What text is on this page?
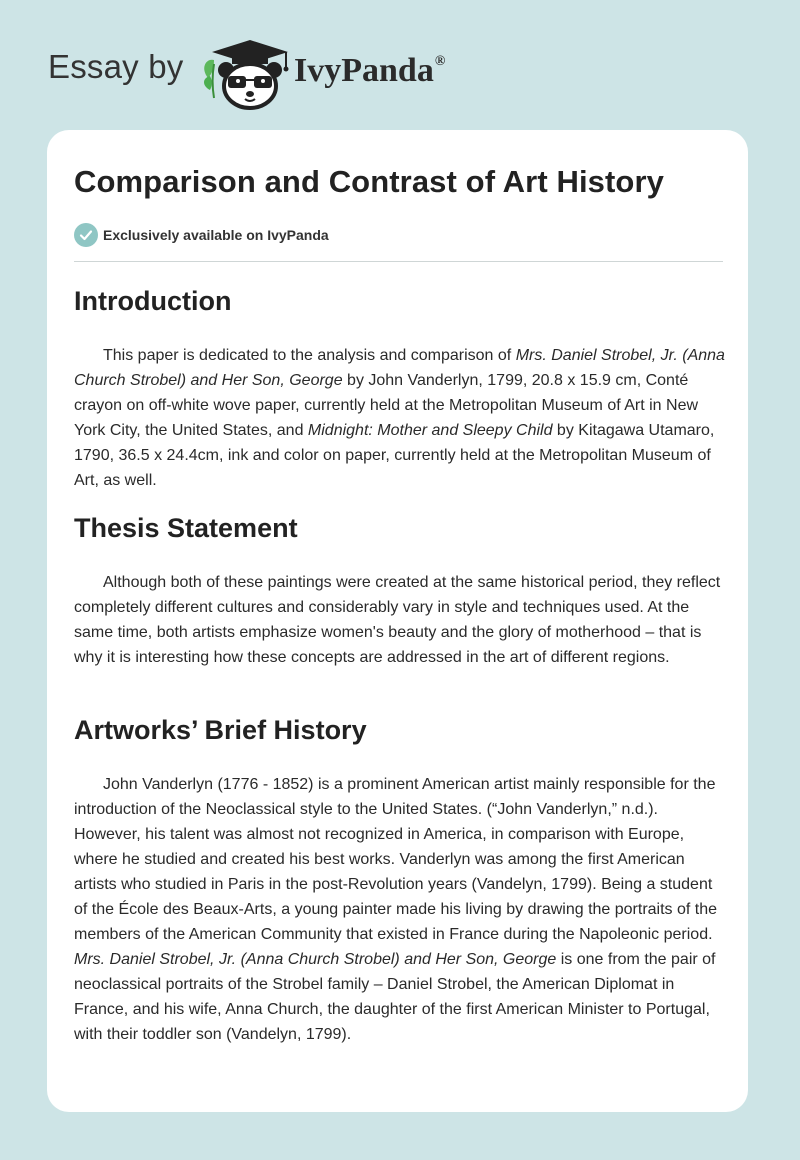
Essay by	IvyPanda®
Comparison and Contrast of Art History
Exclusively available on IvyPanda
Introduction

This paper is dedicated to the analysis and comparison of Mrs. Daniel Strobel, Jr. (Anna Church Strobel) and Her Son, George by John Vanderlyn, 1799, 20.8 x 15.9 cm, Conté crayon on off-white wove paper, currently held at the Metropolitan Museum of Art in New York City, the United States, and Midnight: Mother and Sleepy Child by Kitagawa Utamaro, 1790, 36.5 x 24.4cm, ink and color on paper, currently held at the Metropolitan Museum of Art, as well.

Thesis Statement

Although both of these paintings were created at the same historical period, they reflect completely different cultures and considerably vary in style and techniques used. At the same time, both artists emphasize women's beauty and the glory of motherhood – that is why it is interesting how these concepts are addressed in the art of different regions.

Artworks’ Brief History

John Vanderlyn (1776 - 1852) is a prominent American artist mainly responsible for the introduction of the Neoclassical style to the United States. (“John Vanderlyn,” n.d.). However, his talent was almost not recognized in America, in comparison with Europe, where he studied and created his best works. Vanderlyn was among the first American artists who studied in Paris in the post-Revolution years (Vandelyn, 1799). Being a student of the École des Beaux-Arts, a young painter made his living by drawing the portraits of the members of the American Community that existed in France during the Napoleonic period. Mrs. Daniel Strobel, Jr. (Anna Church Strobel) and Her Son, George is one from the pair of neoclassical portraits of the Strobel family – Daniel Strobel, the American Diplomat in France, and his wife, Anna Church, the daughter of the first American Minister to Portugal, with their toddler son (Vandelyn, 1799).
